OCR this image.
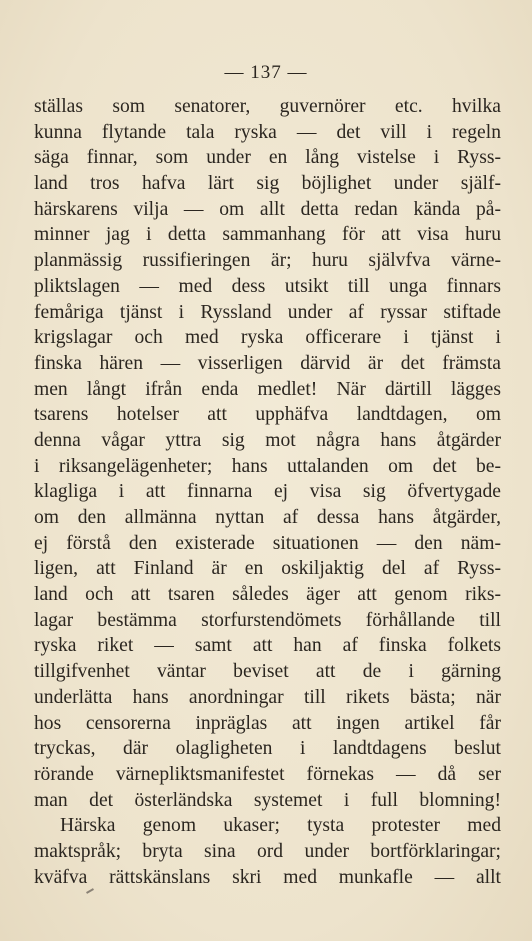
— 137 —
ställas som senatorer, guvernörer etc. hvilka
kunna flytande tala ryska — det vill i regeln
säga finnar, som under en lång vistelse i Ryss-
land tros hafva lärt sig böjlighet under själf-
härskarens vilja — om allt detta redan kända på-
minner jag i detta sammanhang för att visa huru
planmässig russifieringen är; huru självfva värne-
pliktslagen — med dess utsikt till unga finnars
femåriga tjänst i Ryssland under af ryssar stiftade
krigslagar och med ryska officerare i tjänst i
finska hären — visserligen därvid är det främsta
men långt ifrån enda medlet! När därtill lägges
tsarens hotelser att upphäfva landtdagen, om
denna vågar yttra sig mot några hans åtgärder
i riksangelägenheter; hans uttalanden om det be-
klagliga i att finnarna ej visa sig öfvertygade
om den allmänna nyttan af dessa hans åtgärder,
ej förstå den existerade situationen — den näm-
ligen, att Finland är en oskiljaktig del af Ryss-
land och att tsaren således äger att genom riks-
lagar bestämma storfurstendömets förhållande till
ryska riket — samt att han af finska folkets
tillgifvenhet väntar beviset att de i gärning
underlätta hans anordningar till rikets bästa; när
hos censorerna inpräglas att ingen artikel får
tryckas, där olagligheten i landtdagens beslut
rörande värnepliktsmanifestet förnekas — då ser
man det österländska systemet i full blomning!
Härska genom ukaser; tysta protester med
maktspråk; bryta sina ord under bortförklaringar;
kväfva rättskänslans skri med munkafle — allt
